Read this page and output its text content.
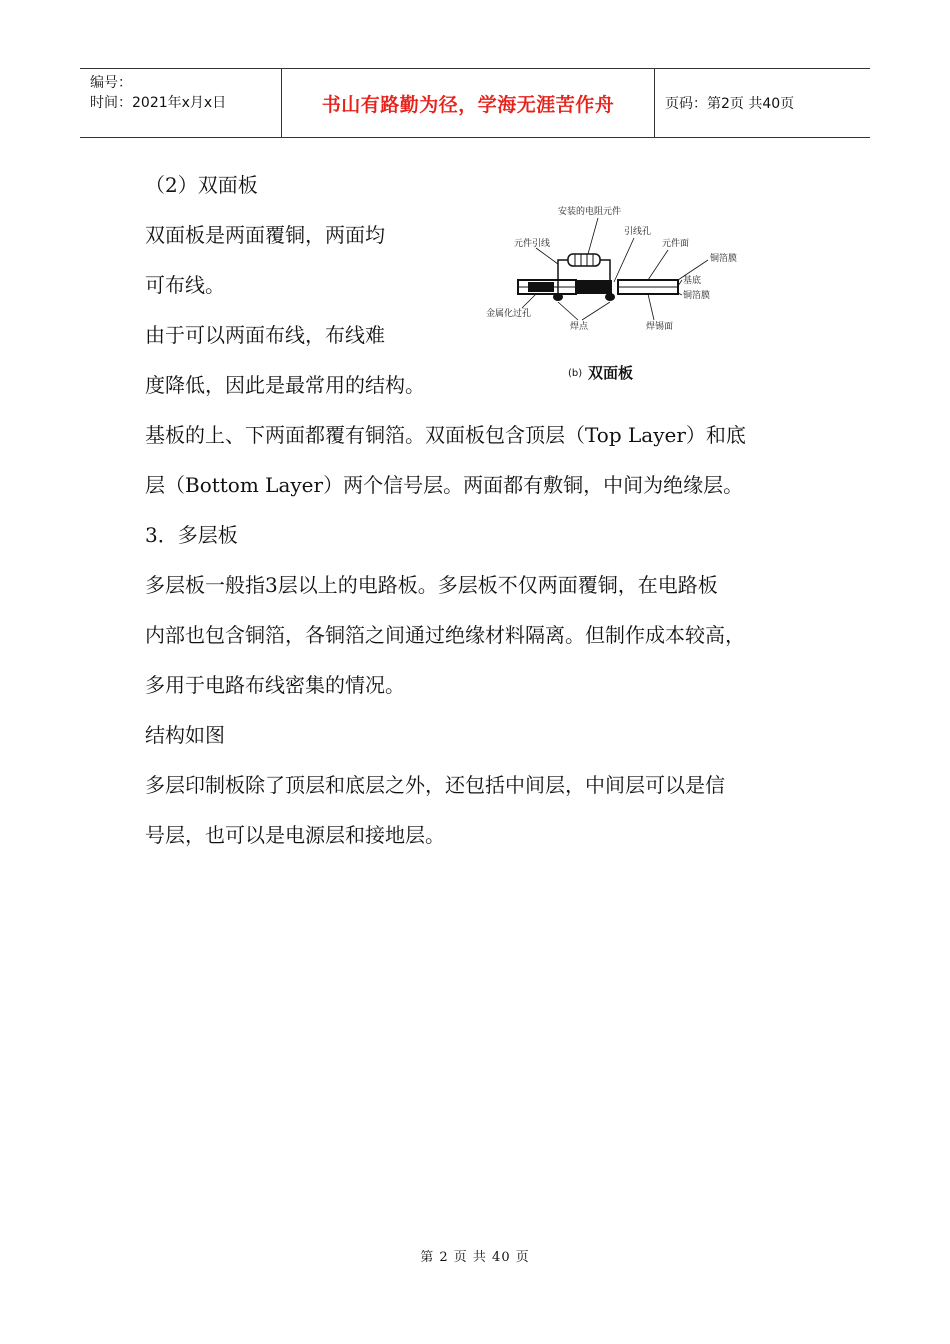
编号：
时间：2021年x月x日	书山有路勤为径，学海无涯苦作舟	页码：第2页 共40页
（2）双面板
双面板是两面覆铜，两面均
可布线。
由于可以两面布线，布线难
度降低，因此是最常用的结构。
基板的上、下两面都覆有铜箔。双面板包含顶层（Top Layer）和底
层（Bottom Layer）两个信号层。两面都有敷铜，中间为绝缘层。
3．多层板
多层板一般指3层以上的电路板。多层板不仅两面覆铜，在电路板
内部也包含铜箔，各铜箔之间通过绝缘材料隔离。但制作成本较高，
多用于电路布线密集的情况。
结构如图
多层印制板除了顶层和底层之外，还包括中间层，中间层可以是信
号层，也可以是电源层和接地层。
安装的电阻元件
元件引线
引线孔
元件面
铜箔膜
基底
铜箔膜
金属化过孔
焊点	焊锡面
(b) 双面板
第 2 页 共 40 页
